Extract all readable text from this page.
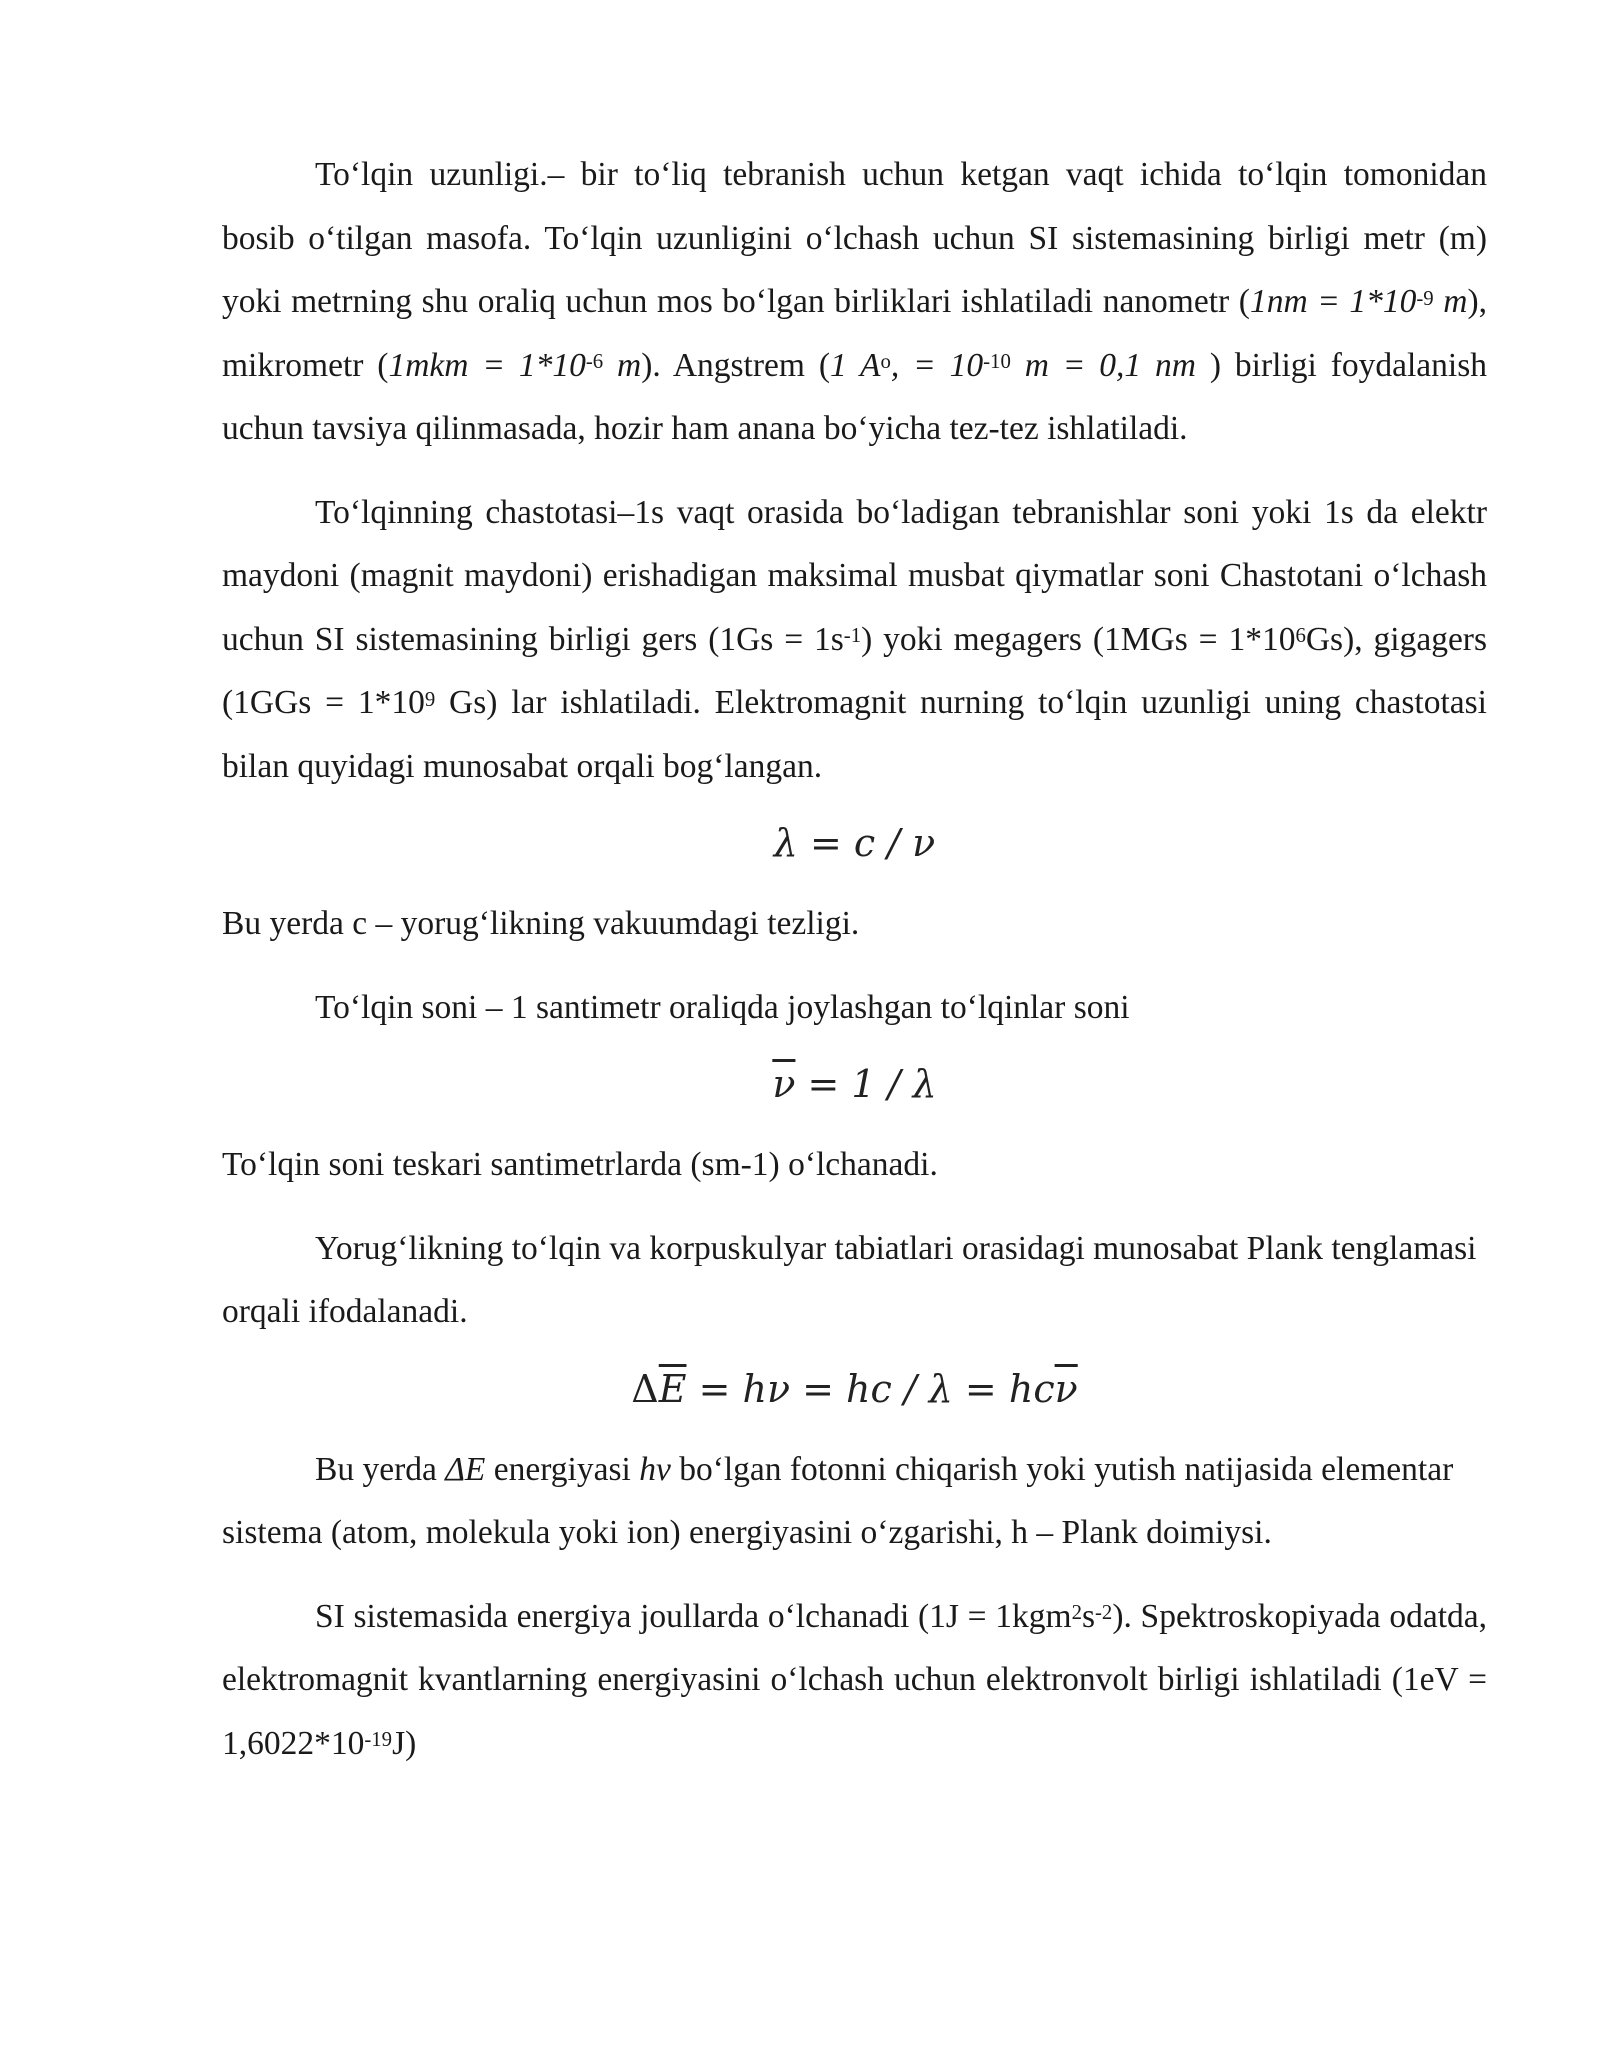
To‘lqin uzunligi.– bir to‘liq tebranish uchun ketgan vaqt ichida to‘lqin tomonidan bosib o‘tilgan masofa. To‘lqin uzunligini o‘lchash uchun SI sistemasining birligi metr (m) yoki metrning shu oraliq uchun mos bo‘lgan birliklari ishlatiladi nanometr ($1nm = 1*10^{-9}$ m), mikrometr ($1mkm = 1*10^{-6}$ m). Angstrem (1 $A^o$, = $10^{-10}$ m = 0,1 nm ) birligi foydalanish uchun tavsiya qilinmasada, hozir ham anana bo‘yicha tez-tez ishlatiladi.

To‘lqinning chastotasi–1s vaqt orasida bo‘ladigan tebranishlar soni yoki 1s da elektr maydoni (magnit maydoni) erishadigan maksimal musbat qiymatlar soni Chastotani o‘lchash uchun SI sistemasining birligi gers $(1Gs = 1s^{-1})$ yoki megagers $(1MGs = 1*10^6Gs)$, gigagers ($1GGs = 1*10^9$ Gs) lar ishlatiladi. Elektromagnit nurning to‘lqin uzunligi uning chastotasi bilan quyidagi munosabat orqali bog‘langan.

λ = c / ν

Bu yerda c – yorug‘likning vakuumdagi tezligi.

To‘lqin soni – 1 santimetr oraliqda joylashgan to‘lqinlar soni

$\overline{\nu} = 1 / \lambda$

To‘lqin soni teskari santimetrlarda (sm-1) o‘lchanadi.

Yorug‘likning to‘lqin va korpuskulyar tabiatlari orasidagi munosabat Plank tenglamasi orqali ifodalanadi.

$\Delta\overline{E} = h\nu$ = hc / $\lambda = hc\overline{\nu}$

Bu yerda ΔE energiyasi hv bo‘lgan fotonni chiqarish yoki yutish natijasida elementar sistema (atom, molekula yoki ion) energiyasini o‘zgarishi, h – Plank doimiysi.

SI sistemasida energiya joullarda o‘lchanadi $(1J = 1kgm^2s^{-2})$. Spektroskopiyada odatda, elektromagnit kvantlarning energiyasini o‘lchash uchun elektronvolt birligi ishlatiladi $(1eV = 1,6022*10^{-19}J)$
